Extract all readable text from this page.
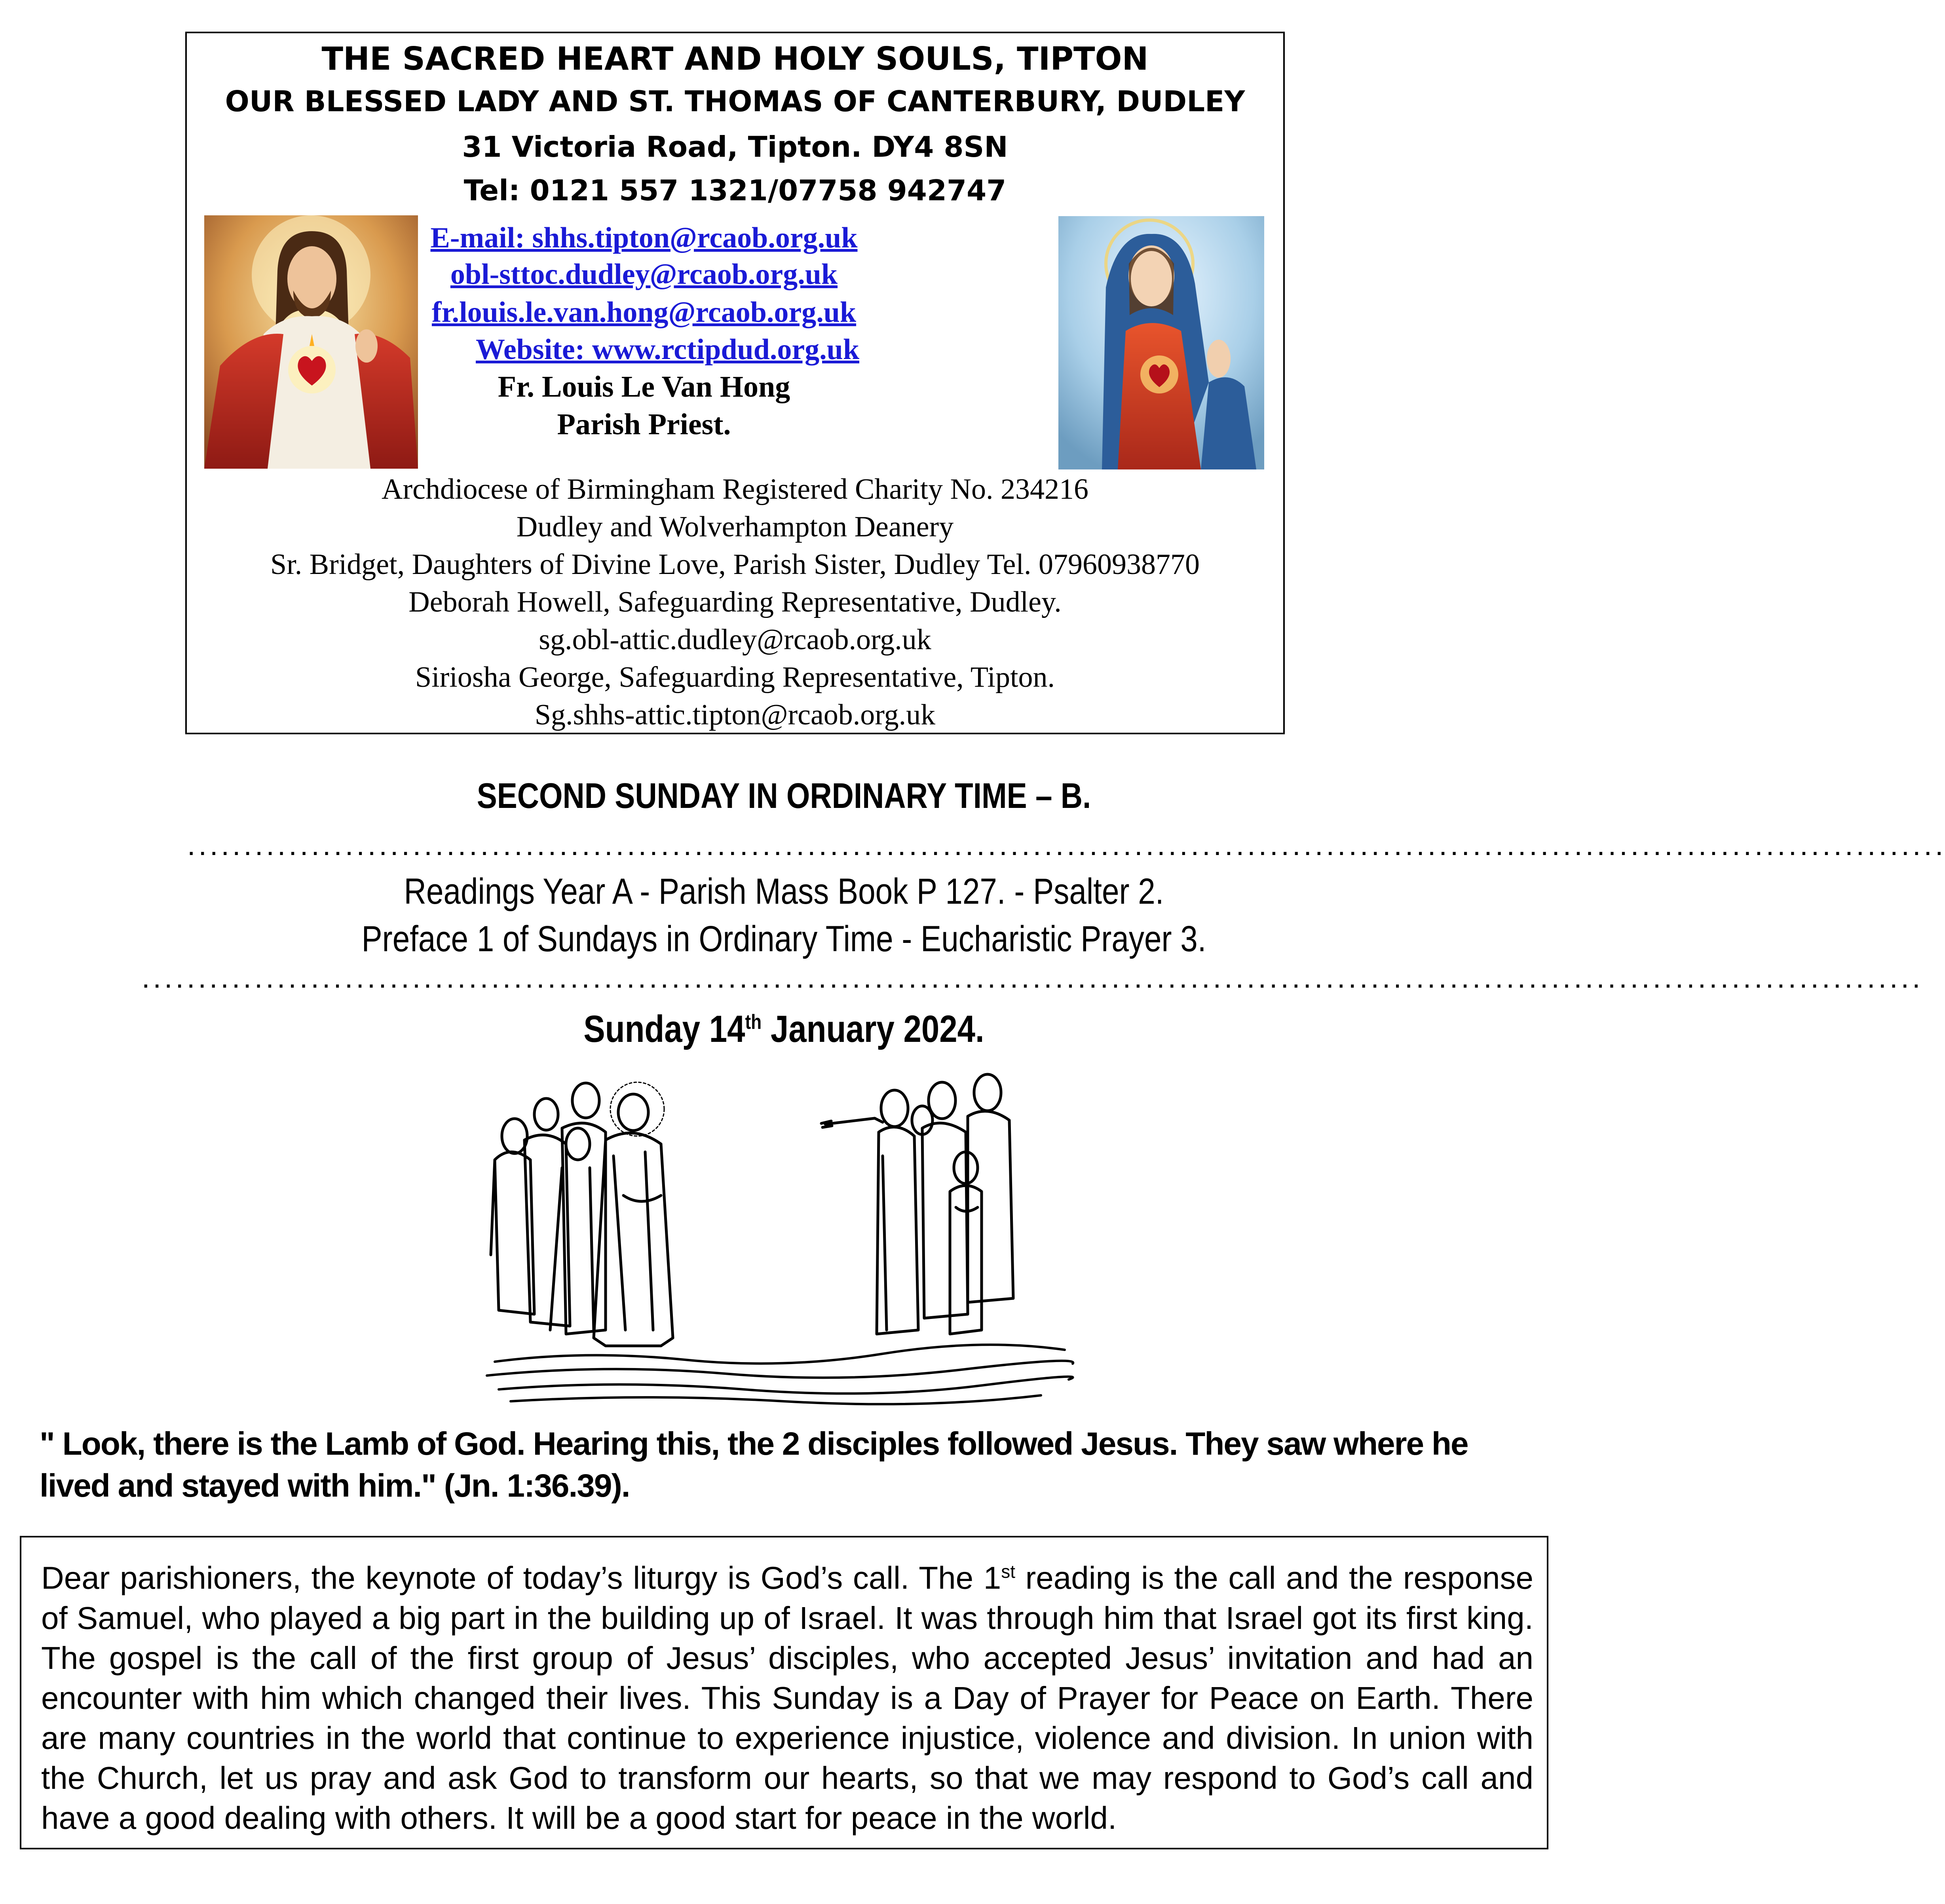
THE SACRED HEART AND HOLY SOULS, TIPTON
OUR BLESSED LADY AND ST. THOMAS OF CANTERBURY, DUDLEY
31 Victoria Road, Tipton. DY4 8SN
Tel: 0121 557 1321/07758 942747
E-mail: shhs.tipton@rcaob.org.uk
obl-sttoc.dudley@rcaob.org.uk
fr.louis.le.van.hong@rcaob.org.uk
Website: www.rctipdud.org.uk
Fr. Louis Le Van Hong
Parish Priest.
Archdiocese of Birmingham Registered Charity No. 234216
Dudley and Wolverhampton Deanery
Sr. Bridget, Daughters of Divine Love, Parish Sister, Dudley Tel. 07960938770
Deborah Howell, Safeguarding Representative, Dudley.
sg.obl-attic.dudley@rcaob.org.uk
Siriosha George, Safeguarding Representative, Tipton.
Sg.shhs-attic.tipton@rcaob.org.uk
SECOND SUNDAY IN ORDINARY TIME – B.
............................................................................................................................................................
Readings Year A - Parish Mass Book P 127. - Psalter 2.
Preface 1 of Sundays in Ordinary Time - Eucharistic Prayer 3.
..............................................................................................................................................................
Sunday 14th January 2024.
" Look, there is the Lamb of God. Hearing this, the 2 disciples followed Jesus. They saw where he lived and stayed with him." (Jn. 1:36.39).
Dear parishioners, the keynote of today’s liturgy is God’s call. The 1st reading is the call and the response of Samuel, who played a big part in the building up of Israel. It was through him that Israel got its first king. The gospel is the call of the first group of Jesus’ disciples, who accepted Jesus’ invitation and had an encounter with him which changed their lives. This Sunday is a Day of Prayer for Peace on Earth. There are many countries in the world that continue to experience injustice, violence and division. In union with the Church, let us pray and ask God to transform our hearts, so that we may respond to God’s call and have a good dealing with others. It will be a good start for peace in the world.
